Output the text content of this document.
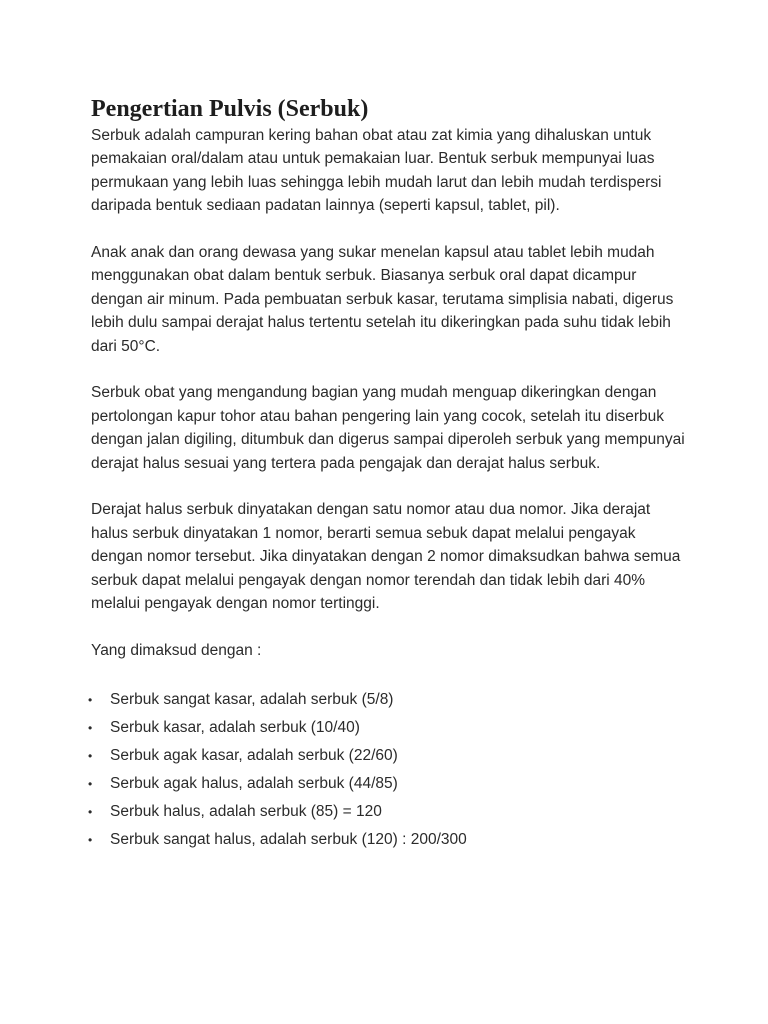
Pengertian Pulvis (Serbuk)

Serbuk adalah campuran kering bahan obat atau zat kimia yang dihaluskan untuk pemakaian oral/dalam atau untuk pemakaian luar. Bentuk serbuk mempunyai luas permukaan yang lebih luas sehingga lebih mudah larut dan lebih mudah terdispersi daripada bentuk sediaan padatan lainnya (seperti kapsul, tablet, pil).

Anak anak dan orang dewasa yang sukar menelan kapsul atau tablet lebih mudah menggunakan obat dalam bentuk serbuk. Biasanya serbuk oral dapat dicampur dengan air minum. Pada pembuatan serbuk kasar, terutama simplisia nabati, digerus lebih dulu sampai derajat halus tertentu setelah itu dikeringkan pada suhu tidak lebih dari 50°C.

Serbuk obat yang mengandung bagian yang mudah menguap dikeringkan dengan pertolongan kapur tohor atau bahan pengering lain yang cocok, setelah itu diserbuk dengan jalan digiling, ditumbuk dan digerus sampai diperoleh serbuk yang mempunyai derajat halus sesuai yang tertera pada pengajak dan derajat halus serbuk.

Derajat halus serbuk dinyatakan dengan satu nomor atau dua nomor. Jika derajat halus serbuk dinyatakan 1 nomor, berarti semua sebuk dapat melalui pengayak dengan nomor tersebut. Jika dinyatakan dengan 2 nomor dimaksudkan bahwa semua serbuk dapat melalui pengayak dengan nomor terendah dan tidak lebih dari 40% melalui pengayak dengan nomor tertinggi.

Yang dimaksud dengan :

• Serbuk sangat kasar, adalah serbuk (5/8)
• Serbuk kasar, adalah serbuk (10/40)
• Serbuk agak kasar, adalah serbuk (22/60)
• Serbuk agak halus, adalah serbuk (44/85)
• Serbuk halus, adalah serbuk (85) = 120
• Serbuk sangat halus, adalah serbuk (120) : 200/300
